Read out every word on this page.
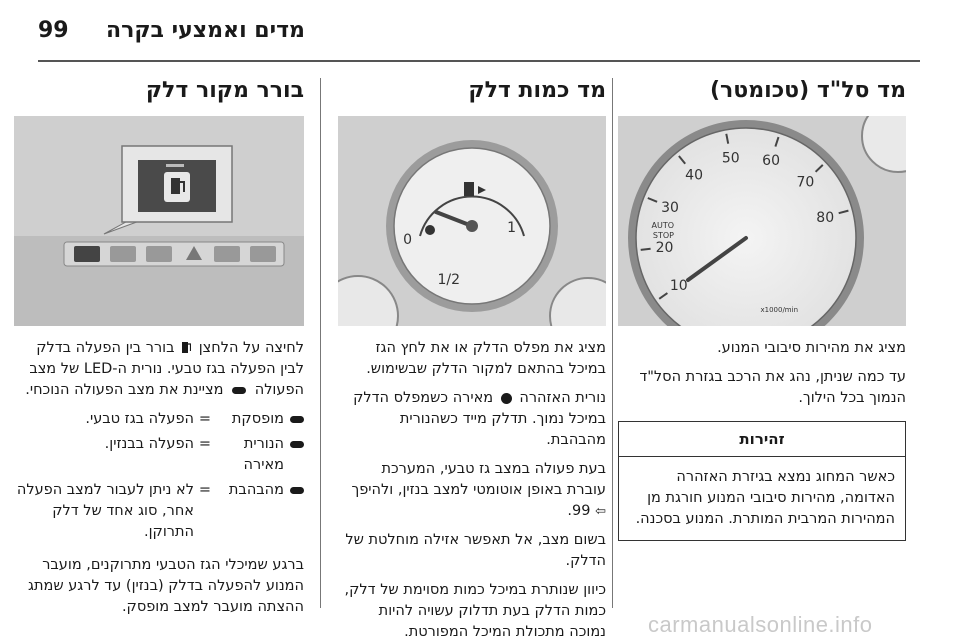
99 מדים ואמצעי בקרה
מד סל"ד (טכומטר)
10
20
30
40
50 60
70
80
AUTO
STOP
x1000/min

מציג את מהירות סיבובי המנוע.

עד כמה שניתן, נהג את הרכב בגזרת הסל"ד הנמוך בכל הילוך.

זהירות
כאשר המחוג נמצא בגיזרת האזהרה האדומה, מהירות סיבובי המנוע חורגת מן המהירות המרבית המותרת. המנוע בסכנה.
מד כמות דלק
0
1/2
1

מציג את מפלס הדלק או את לחץ הגז במיכל בהתאם למקור הדלק שבשימוש.

נורית האזהרה  מאירה כשמפלס הדלק במיכל נמוך. תדלק מייד כשהנורית מהבהבת.

בעת פעולה במצב גז טבעי, המערכת עוברת באופן אוטומטי למצב בנזין, ולהיפך ⇦ 99.

בשום מצב, אל תאפשר אזילה מוחלטת של הדלק.

כיוון שנותרת במיכל כמות מסוימת של דלק, כמות הדלק בעת תדלוק עשויה להיות נמוכה מתכולת המיכל המפורטת.

בורר מקור דלק

לחיצה על הלחצן  בורר בין הפעלה בדלק לבין הפעלה בגז טבעי. נורית ה-LED של מצב הפעולה  מציינת את מצב הפעולה הנוכחי.

מופסקת
=
הפעלה בגז טבעי.
הנורית מאירה
=
הפעלה בבנזין.
מהבהבת
=
לא ניתן לעבור למצב הפעלה אחר, סוג אחד של דלק התרוקן.

ברגע שמיכלי הגז הטבעי מתרוקנים, מועבר המנוע להפעלה בדלק (בנזין) עד לרגע שמתג ההצתה מועבר למצב מופסק.

carmanualsonline.info
